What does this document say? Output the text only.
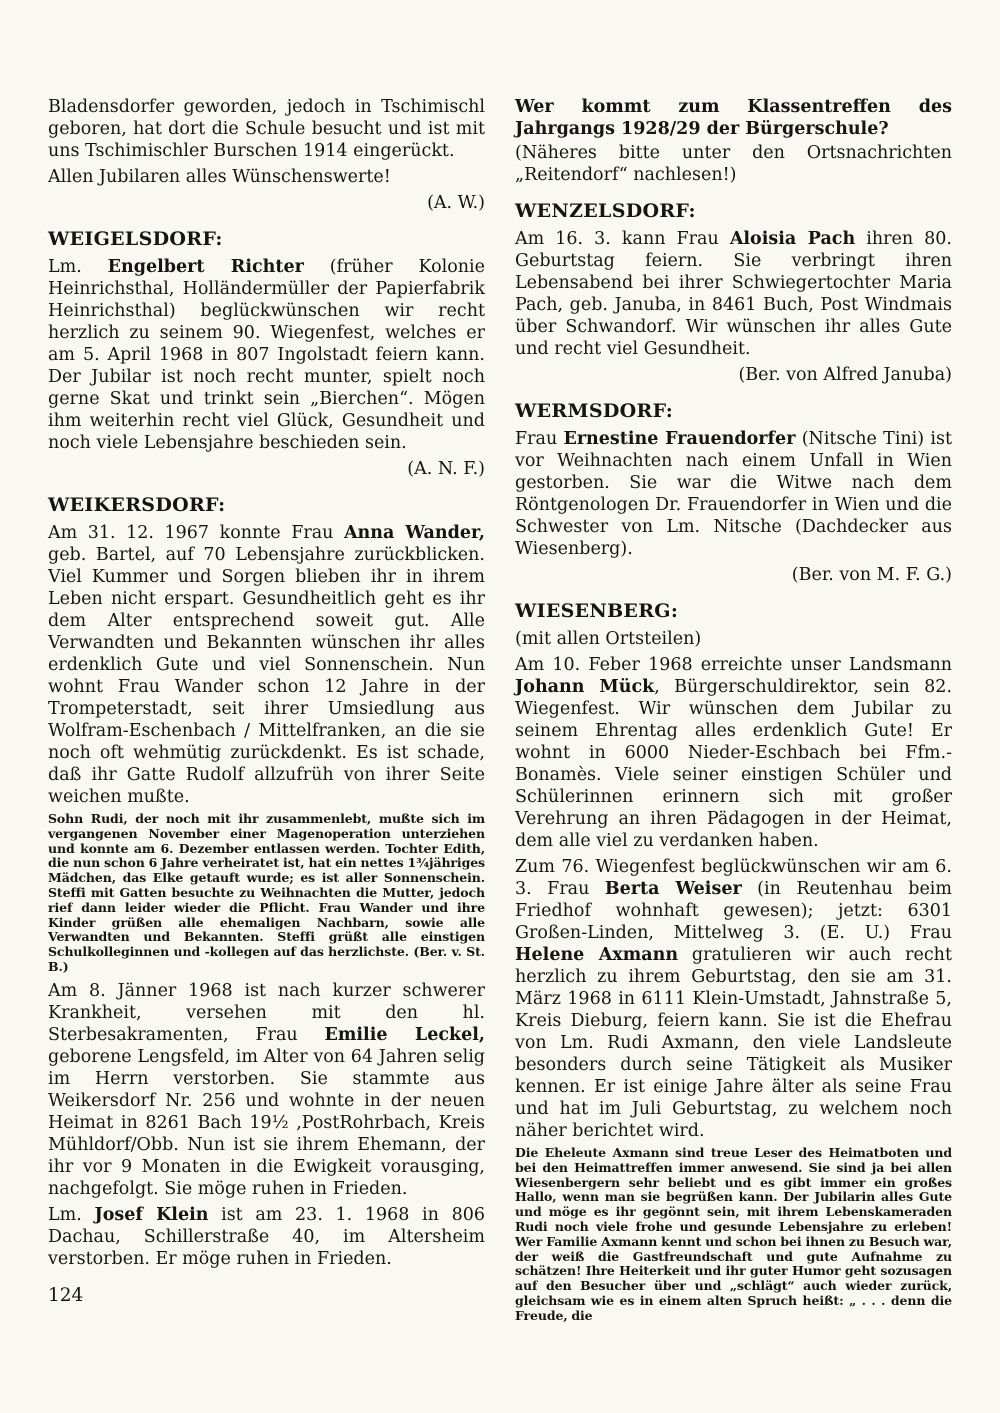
Bladensdorfer geworden, jedoch in Tschimischl geboren, hat dort die Schule besucht und ist mit uns Tschimischler Burschen 1914 eingerückt.

Allen Jubilaren alles Wünschenswerte!

(A. W.)

WEIGELSDORF:

Lm. Engelbert Richter (früher Kolonie Heinrichsthal, Holländermüller der Papierfabrik Heinrichsthal) beglückwünschen wir recht herzlich zu seinem 90. Wiegenfest, welches er am 5. April 1968 in 807 Ingolstadt feiern kann. Der Jubilar ist noch recht munter, spielt noch gerne Skat und trinkt sein „Bierchen“. Mögen ihm weiterhin recht viel Glück, Gesundheit und noch viele Lebensjahre beschieden sein.

(A. N. F.)

WEIKERSDORF:

Am 31. 12. 1967 konnte Frau Anna Wander, geb. Bartel, auf 70 Lebensjahre zurückblicken. Viel Kummer und Sorgen blieben ihr in ihrem Leben nicht erspart. Gesundheitlich geht es ihr dem Alter entsprechend soweit gut. Alle Verwandten und Bekannten wünschen ihr alles erdenklich Gute und viel Sonnenschein. Nun wohnt Frau Wander schon 12 Jahre in der Trompeterstadt, seit ihrer Umsiedlung aus Wolfram-Eschenbach / Mittelfranken, an die sie noch oft wehmütig zurückdenkt. Es ist schade, daß ihr Gatte Rudolf allzufrüh von ihrer Seite weichen mußte.

Sohn Rudi, der noch mit ihr zusammenlebt, mußte sich im vergangenen November einer Magenoperation unterziehen und konnte am 6. Dezember entlassen werden. Tochter Edith, die nun schon 6 Jahre verheiratet ist, hat ein nettes 1¾jähriges Mädchen, das Elke getauft wurde; es ist aller Sonnenschein. Steffi mit Gatten besuchte zu Weihnachten die Mutter, jedoch rief dann leider wieder die Pflicht. Frau Wander und ihre Kinder grüßen alle ehemaligen Nachbarn, sowie alle Verwandten und Bekannten. Steffi grüßt alle einstigen Schulkolleginnen und -kollegen auf das herzlichste. (Ber. v. St. B.)

Am 8. Jänner 1968 ist nach kurzer schwerer Krankheit, versehen mit den hl. Sterbesakramenten, Frau Emilie Leckel, geborene Lengsfeld, im Alter von 64 Jahren selig im Herrn verstorben. Sie stammte aus Weikersdorf Nr. 256 und wohnte in der neuen Heimat in 8261 Bach 19½ ,PostRohrbach, Kreis Mühldorf/Obb. Nun ist sie ihrem Ehemann, der ihr vor 9 Monaten in die Ewigkeit vorausging, nachgefolgt. Sie möge ruhen in Frieden.

Lm. Josef Klein ist am 23. 1. 1968 in 806 Dachau, Schillerstraße 40, im Altersheim verstorben. Er möge ruhen in Frieden.

Wer kommt zum Klassentreffen des Jahrgangs 1928/29 der Bürgerschule?

(Näheres bitte unter den Ortsnachrichten „Reitendorf“ nachlesen!)

WENZELSDORF:

Am 16. 3. kann Frau Aloisia Pach ihren 80. Geburtstag feiern. Sie verbringt ihren Lebensabend bei ihrer Schwiegertochter Maria Pach, geb. Januba, in 8461 Buch, Post Windmais über Schwandorf. Wir wünschen ihr alles Gute und recht viel Gesundheit.

(Ber. von Alfred Januba)

WERMSDORF:

Frau Ernestine Frauendorfer (Nitsche Tini) ist vor Weihnachten nach einem Unfall in Wien gestorben. Sie war die Witwe nach dem Röntgenologen Dr. Frauendorfer in Wien und die Schwester von Lm. Nitsche (Dachdecker aus Wiesenberg).

(Ber. von M. F. G.)

WIESENBERG:

(mit allen Ortsteilen)

Am 10. Feber 1968 erreichte unser Landsmann Johann Mück, Bürgerschuldirektor, sein 82. Wiegenfest. Wir wünschen dem Jubilar zu seinem Ehrentag alles erdenklich Gute! Er wohnt in 6000 Nieder-Eschbach bei Ffm.-Bonamès. Viele seiner einstigen Schüler und Schülerinnen erinnern sich mit großer Verehrung an ihren Pädagogen in der Heimat, dem alle viel zu verdanken haben.

Zum 76. Wiegenfest beglückwünschen wir am 6. 3. Frau Berta Weiser (in Reutenhau beim Friedhof wohnhaft gewesen); jetzt: 6301 Großen-Linden, Mittelweg 3. (E. U.) Frau Helene Axmann gratulieren wir auch recht herzlich zu ihrem Geburtstag, den sie am 31. März 1968 in 6111 Klein-Umstadt, Jahnstraße 5, Kreis Dieburg, feiern kann. Sie ist die Ehefrau von Lm. Rudi Axmann, den viele Landsleute besonders durch seine Tätigkeit als Musiker kennen. Er ist einige Jahre älter als seine Frau und hat im Juli Geburtstag, zu welchem noch näher berichtet wird.

Die Eheleute Axmann sind treue Leser des Heimatboten und bei den Heimattreffen immer anwesend. Sie sind ja bei allen Wiesenbergern sehr beliebt und es gibt immer ein großes Hallo, wenn man sie begrüßen kann. Der Jubilarin alles Gute und möge es ihr gegönnt sein, mit ihrem Lebenskameraden Rudi noch viele frohe und gesunde Lebensjahre zu erleben! Wer Familie Axmann kennt und schon bei ihnen zu Besuch war, der weiß die Gastfreundschaft und gute Aufnahme zu schätzen! Ihre Heiterkeit und ihr guter Humor geht sozusagen auf den Besucher über und „schlägt“ auch wieder zurück, gleichsam wie es in einem alten Spruch heißt: „ . . . denn die Freude, die

124
